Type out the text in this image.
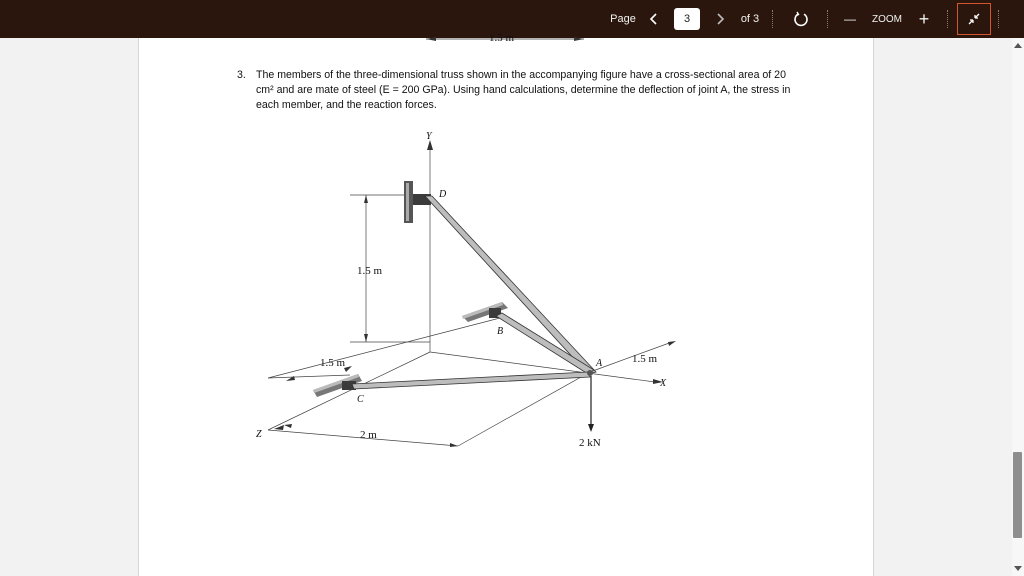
Page
3	of 3	—	ZOOM +
3. The members of the three-dimensional truss shown in the accompanying figure have a cross-sectional area of 20 cm² and are mate of steel (E = 200 GPa). Using hand calculations, determine the deflection of joint A, the stress in each member, and the reaction forces.
1.5 m
Y
X
Z
A
B
C
D
1.5 m
1.5 m	1.5 m
2 m
2 kN
